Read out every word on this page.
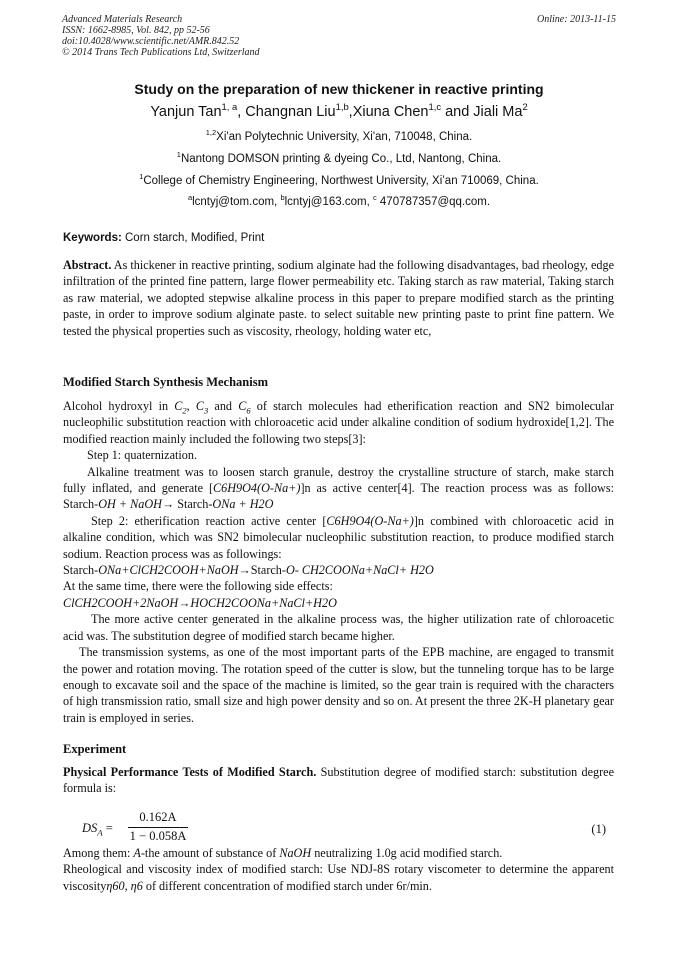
Advanced Materials Research
ISSN: 1662-8985, Vol. 842, pp 52-56
doi:10.4028/www.scientific.net/AMR.842.52
© 2014 Trans Tech Publications Ltd, Switzerland
Online: 2013-11-15
Study on the preparation of new thickener in reactive printing
Yanjun Tan$^{1, a}$, Changnan Liu$^{1,b}$,Xiuna Chen$^{1,c}$ and Jiali Ma$^2$
$^{1,2}$Xi'an Polytechnic University, Xi'an, 710048, China.
$^1$Nantong DOMSON printing & dyeing Co., Ltd, Nantong, China.
$^1$College of Chemistry Engineering, Northwest University, Xi’an 710069, China.
$^a$lcntyj@tom.com, $^b$lcntyj@163.com, $^c$ 470787357@qq.com.
Keywords: Corn starch, Modified, Print
Abstract. As thickener in reactive printing, sodium alginate had the following disadvantages, bad rheology, edge infiltration of the printed fine pattern, large flower permeability etc. Taking starch as raw material, Taking starch as raw material, we adopted stepwise alkaline process in this paper to prepare modified starch as the printing paste, in order to improve sodium alginate paste. to select suitable new printing paste to print fine pattern. We tested the physical properties such as viscosity, rheology, holding water etc,
Modified Starch Synthesis Mechanism
Alcohol hydroxyl in $C_2$, $C_3$ and $C_6$ of starch molecules had etherification reaction and SN2 bimolecular nucleophilic substitution reaction with chloroacetic acid under alkaline condition of sodium hydroxide[1,2]. The modified reaction mainly included the following two steps[3]:
Step 1: quaternization.
Alkaline treatment was to loosen starch granule, destroy the crystalline structure of starch, make starch fully inflated, and generate [C6H9O4(O-Na+)]n as active center[4]. The reaction process was as follows: Starch-OH + NaOH→ Starch-ONa + H2O
Step 2: etherification reaction active center [C6H9O4(O-Na+)]n combined with chloroacetic acid in alkaline condition, which was SN2 bimolecular nucleophilic substitution reaction, to produce modified starch sodium. Reaction process was as followings:
Starch-ONa+ClCH2COOH+NaOH→Starch-O- CH2COONa+NaCl+ H2O
At the same time, there were the following side effects:
ClCH2COOH+2NaOH→HOCH2COONa+NaCl+H2O
The more active center generated in the alkaline process was, the higher utilization rate of chloroacetic acid was. The substitution degree of modified starch became higher.
The transmission systems, as one of the most important parts of the EPB machine, are engaged to transmit the power and rotation moving. The rotation speed of the cutter is slow, but the tunneling torque has to be large enough to excavate soil and the space of the machine is limited, so the gear train is required with the characters of high transmission ratio, small size and high power density and so on. At present the three 2K-H planetary gear train is employed in series.
Experiment
Physical Performance Tests of Modified Starch. Substitution degree of modified starch: substitution degree formula is:
$DS_A = \frac{0.162A}{1 - 0.058A}$	(1)
Among them: A-the amount of substance of NaOH neutralizing 1.0g acid modified starch.
Rheological and viscosity index of modified starch: Use NDJ-8S rotary viscometer to determine the apparent viscosityη60, η6 of different concentration of modified starch under 6r/min.
